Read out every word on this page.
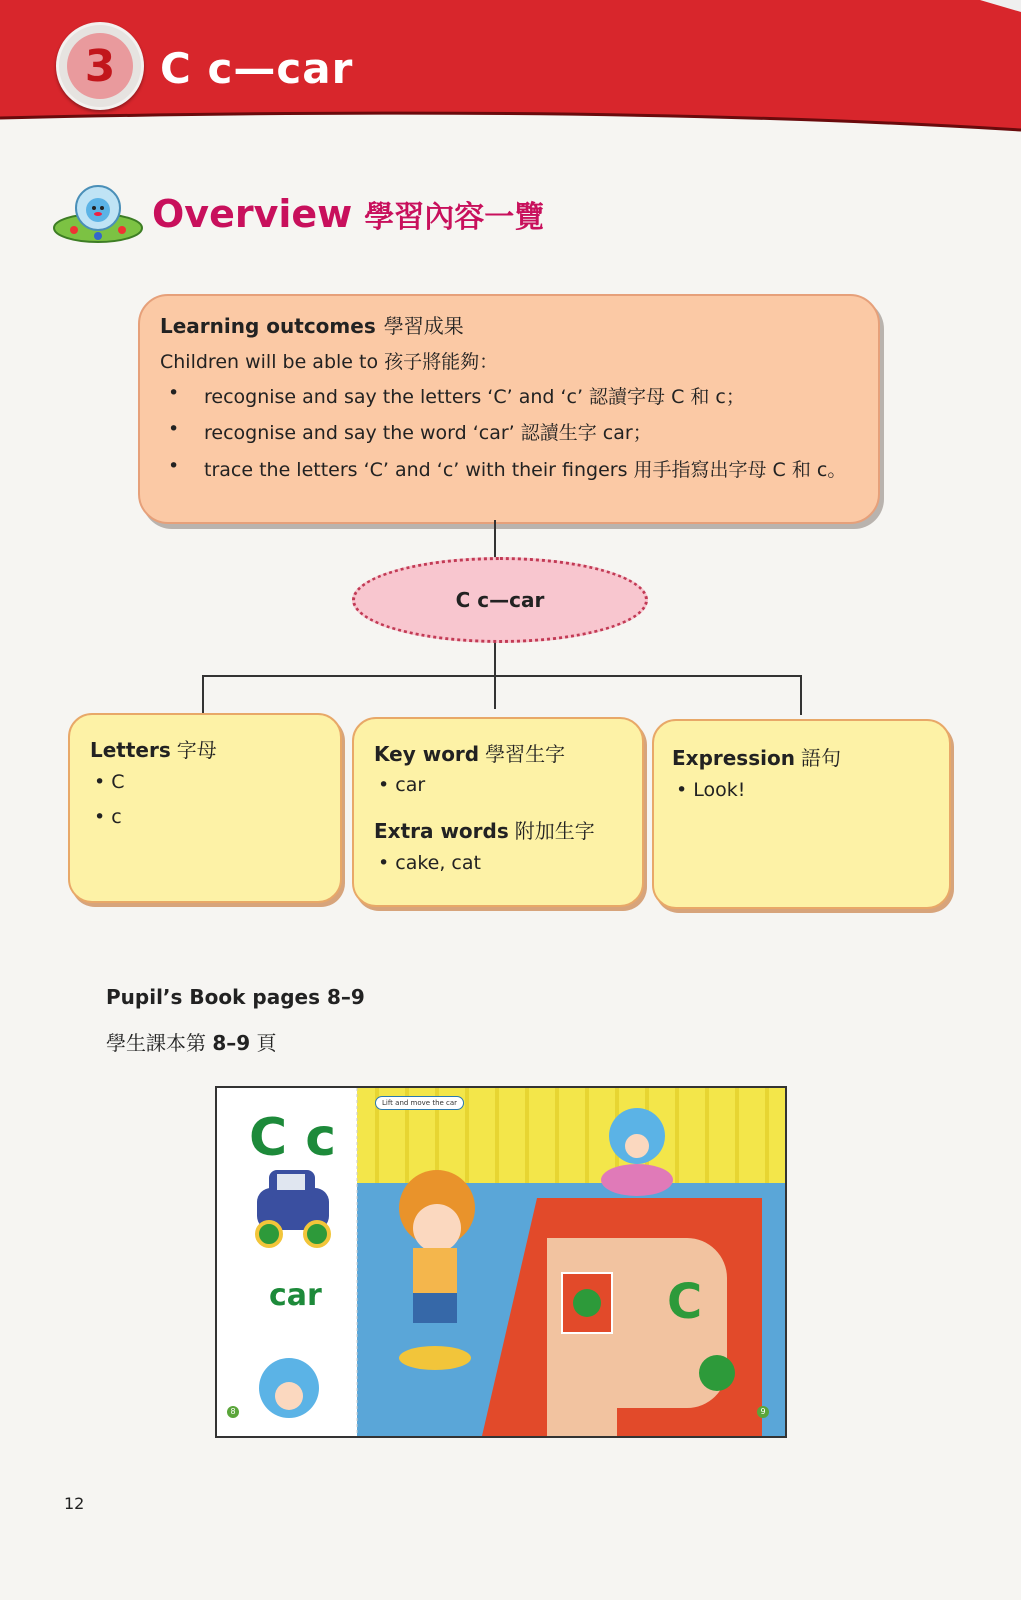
3	C c—car
Overview 學習內容一覽
Learning outcomes 學習成果
Children will be able to 孩子將能夠：
• recognise and say the letters ‘C’ and ‘c’ 認讀字母 C 和 c；
• recognise and say the word ‘car’ 認讀生字 car；
• trace the letters ‘C’ and ‘c’ with their fingers 用手指寫出字母 C 和 c。
C c—car
Letters 字母
• C
• c
Key word 學習生字
• car
Extra words 附加生字
• cake, cat
Expression 語句
• Look!
Pupil’s Book pages 8–9
學生課本第 8–9 頁
C
C c
car
Lift and move the car
8	9
12
